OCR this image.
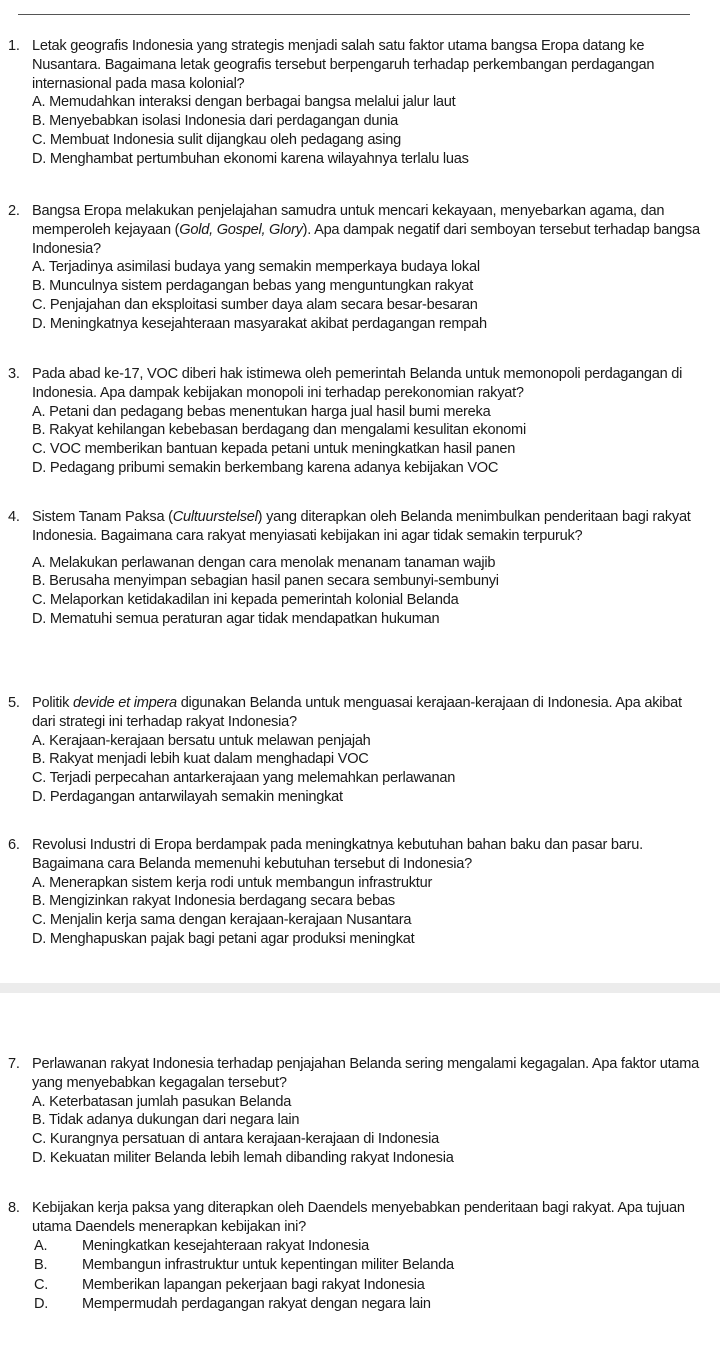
1. Letak geografis Indonesia yang strategis menjadi salah satu faktor utama bangsa Eropa datang ke Nusantara. Bagaimana letak geografis tersebut berpengaruh terhadap perkembangan perdagangan internasional pada masa kolonial?
A. Memudahkan interaksi dengan berbagai bangsa melalui jalur laut
B. Menyebabkan isolasi Indonesia dari perdagangan dunia
C. Membuat Indonesia sulit dijangkau oleh pedagang asing
D. Menghambat pertumbuhan ekonomi karena wilayahnya terlalu luas
2. Bangsa Eropa melakukan penjelajahan samudra untuk mencari kekayaan, menyebarkan agama, dan memperoleh kejayaan (Gold, Gospel, Glory). Apa dampak negatif dari semboyan tersebut terhadap bangsa Indonesia?
A. Terjadinya asimilasi budaya yang semakin memperkaya budaya lokal
B. Munculnya sistem perdagangan bebas yang menguntungkan rakyat
C. Penjajahan dan eksploitasi sumber daya alam secara besar-besaran
D. Meningkatnya kesejahteraan masyarakat akibat perdagangan rempah
3. Pada abad ke-17, VOC diberi hak istimewa oleh pemerintah Belanda untuk memonopoli perdagangan di Indonesia. Apa dampak kebijakan monopoli ini terhadap perekonomian rakyat?
A. Petani dan pedagang bebas menentukan harga jual hasil bumi mereka
B. Rakyat kehilangan kebebasan berdagang dan mengalami kesulitan ekonomi
C. VOC memberikan bantuan kepada petani untuk meningkatkan hasil panen
D. Pedagang pribumi semakin berkembang karena adanya kebijakan VOC
4. Sistem Tanam Paksa (Cultuurstelsel) yang diterapkan oleh Belanda menimbulkan penderitaan bagi rakyat Indonesia. Bagaimana cara rakyat menyiasati kebijakan ini agar tidak semakin terpuruk?
A. Melakukan perlawanan dengan cara menolak menanam tanaman wajib
B. Berusaha menyimpan sebagian hasil panen secara sembunyi-sembunyi
C. Melaporkan ketidakadilan ini kepada pemerintah kolonial Belanda
D. Mematuhi semua peraturan agar tidak mendapatkan hukuman
5. Politik devide et impera digunakan Belanda untuk menguasai kerajaan-kerajaan di Indonesia. Apa akibat dari strategi ini terhadap rakyat Indonesia?
A. Kerajaan-kerajaan bersatu untuk melawan penjajah
B. Rakyat menjadi lebih kuat dalam menghadapi VOC
C. Terjadi perpecahan antarkerajaan yang melemahkan perlawanan
D. Perdagangan antarwilayah semakin meningkat
6. Revolusi Industri di Eropa berdampak pada meningkatnya kebutuhan bahan baku dan pasar baru. Bagaimana cara Belanda memenuhi kebutuhan tersebut di Indonesia?
A. Menerapkan sistem kerja rodi untuk membangun infrastruktur
B. Mengizinkan rakyat Indonesia berdagang secara bebas
C. Menjalin kerja sama dengan kerajaan-kerajaan Nusantara
D. Menghapuskan pajak bagi petani agar produksi meningkat
7. Perlawanan rakyat Indonesia terhadap penjajahan Belanda sering mengalami kegagalan. Apa faktor utama yang menyebabkan kegagalan tersebut?
A. Keterbatasan jumlah pasukan Belanda
B. Tidak adanya dukungan dari negara lain
C. Kurangnya persatuan di antara kerajaan-kerajaan di Indonesia
D. Kekuatan militer Belanda lebih lemah dibanding rakyat Indonesia
8. Kebijakan kerja paksa yang diterapkan oleh Daendels menyebabkan penderitaan bagi rakyat. Apa tujuan utama Daendels menerapkan kebijakan ini?
A. Meningkatkan kesejahteraan rakyat Indonesia
B. Membangun infrastruktur untuk kepentingan militer Belanda
C. Memberikan lapangan pekerjaan bagi rakyat Indonesia
D. Mempermudah perdagangan rakyat dengan negara lain
